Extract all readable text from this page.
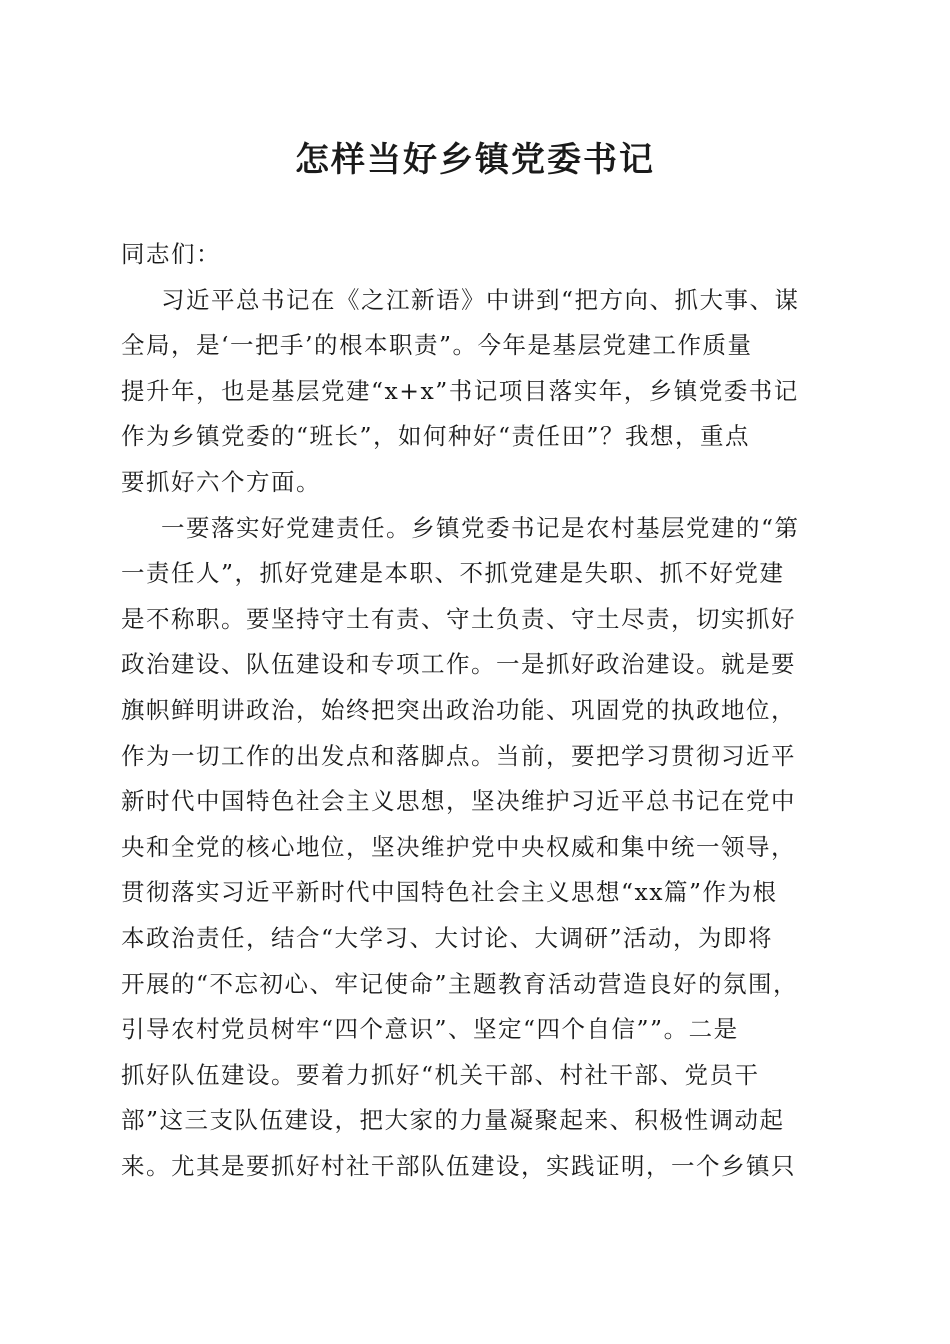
怎样当好乡镇党委书记
同志们：
习近平总书记在《之江新语》中讲到“把方向、抓大事、谋
全局，是‘一把手’的根本职责”。今年是基层党建工作质量
提升年，也是基层党建“x+x”书记项目落实年，乡镇党委书记
作为乡镇党委的“班长”，如何种好“责任田”？我想，重点
要抓好六个方面。
一要落实好党建责任。乡镇党委书记是农村基层党建的“第
一责任人”，抓好党建是本职、不抓党建是失职、抓不好党建
是不称职。要坚持守土有责、守土负责、守土尽责，切实抓好
政治建设、队伍建设和专项工作。一是抓好政治建设。就是要
旗帜鲜明讲政治，始终把突出政治功能、巩固党的执政地位，
作为一切工作的出发点和落脚点。当前，要把学习贯彻习近平
新时代中国特色社会主义思想，坚决维护习近平总书记在党中
央和全党的核心地位，坚决维护党中央权威和集中统一领导，
贯彻落实习近平新时代中国特色社会主义思想“xx篇”作为根
本政治责任，结合“大学习、大讨论、大调研”活动，为即将
开展的“不忘初心、牢记使命”主题教育活动营造良好的氛围，
引导农村党员树牢“四个意识”、坚定“四个自信””。二是
抓好队伍建设。要着力抓好“机关干部、村社干部、党员干
部”这三支队伍建设，把大家的力量凝聚起来、积极性调动起
来。尤其是要抓好村社干部队伍建设，实践证明，一个乡镇只
